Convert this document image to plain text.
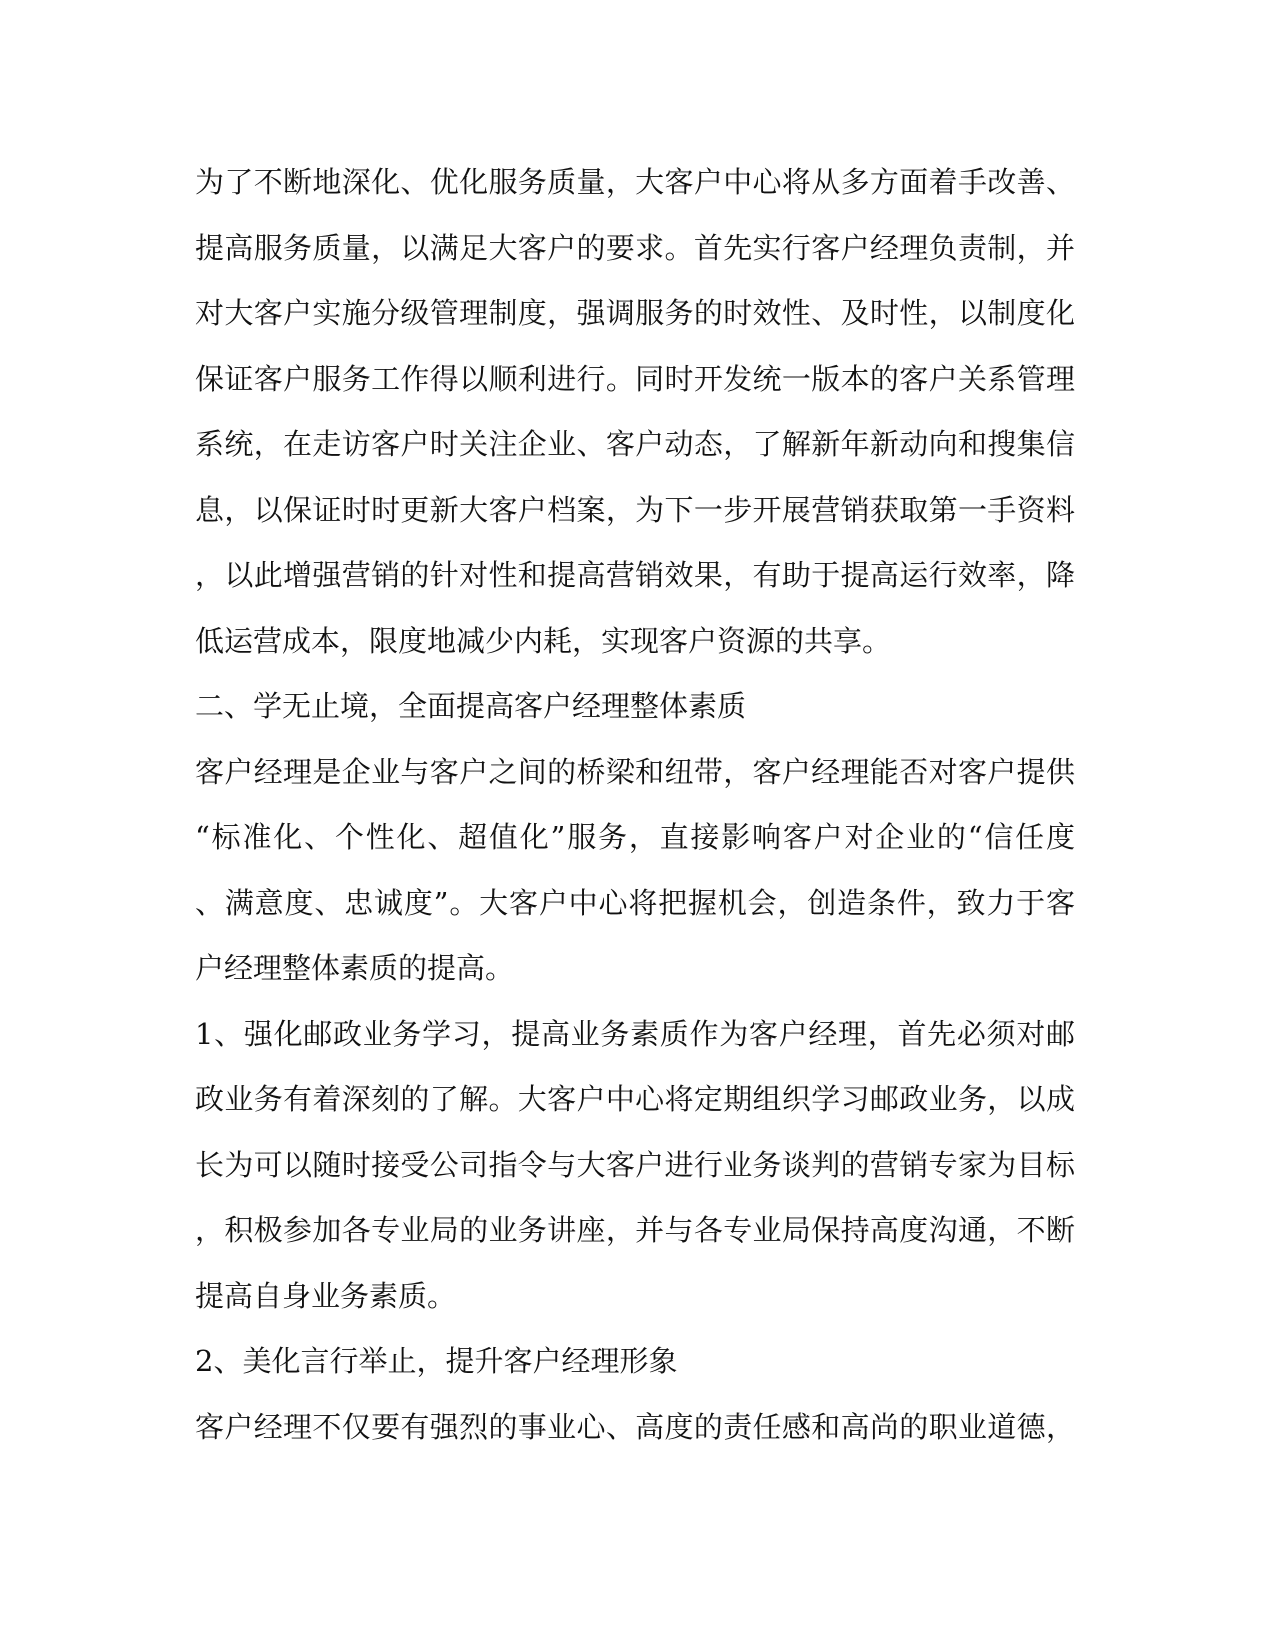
为了不断地深化、优化服务质量，大客户中心将从多方面着手改善、
提高服务质量，以满足大客户的要求。首先实行客户经理负责制，并
对大客户实施分级管理制度，强调服务的时效性、及时性，以制度化
保证客户服务工作得以顺利进行。同时开发统一版本的客户关系管理
系统，在走访客户时关注企业、客户动态，了解新年新动向和搜集信
息，以保证时时更新大客户档案，为下一步开展营销获取第一手资料
，以此增强营销的针对性和提高营销效果，有助于提高运行效率，降
低运营成本，限度地减少内耗，实现客户资源的共享。
二、学无止境，全面提高客户经理整体素质
客户经理是企业与客户之间的桥梁和纽带，客户经理能否对客户提供
“标准化、个性化、超值化”服务，直接影响客户对企业的“信任度
、满意度、忠诚度”。大客户中心将把握机会，创造条件，致力于客
户经理整体素质的提高。
1、强化邮政业务学习，提高业务素质作为客户经理，首先必须对邮
政业务有着深刻的了解。大客户中心将定期组织学习邮政业务，以成
长为可以随时接受公司指令与大客户进行业务谈判的营销专家为目标
，积极参加各专业局的业务讲座，并与各专业局保持高度沟通，不断
提高自身业务素质。
2、美化言行举止，提升客户经理形象
客户经理不仅要有强烈的事业心、高度的责任感和高尚的职业道德，
